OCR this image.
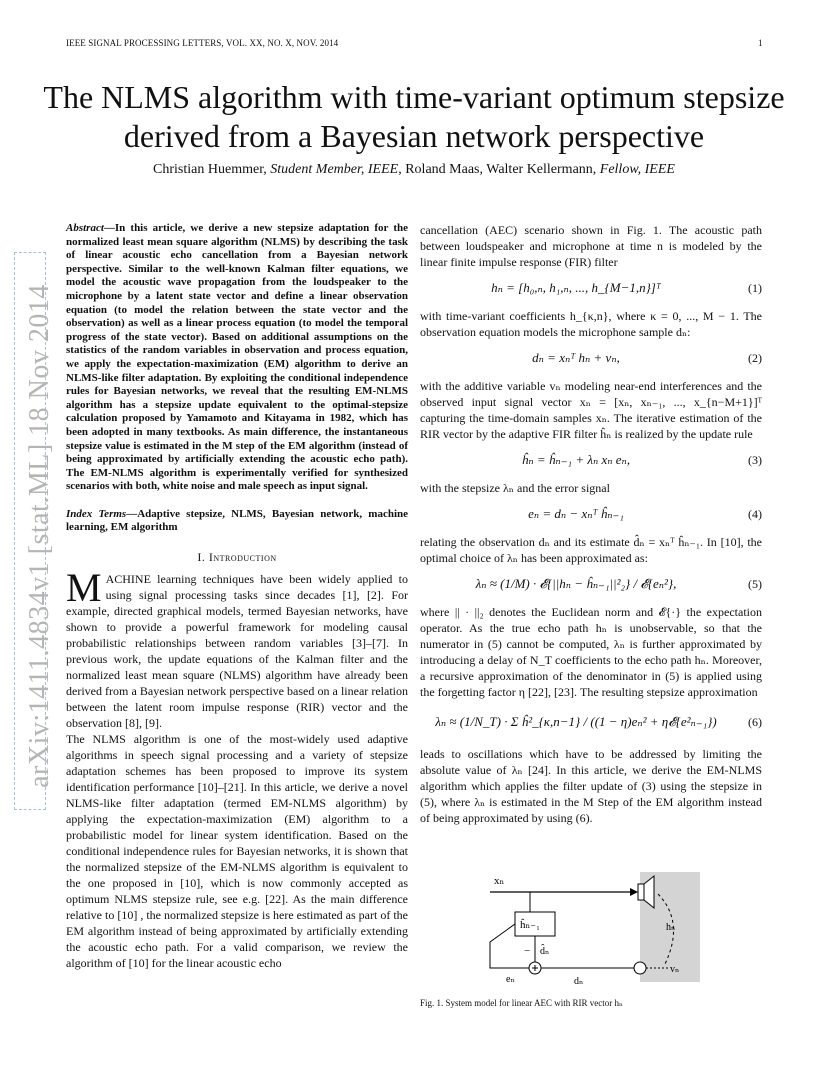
IEEE SIGNAL PROCESSING LETTERS, VOL. XX, NO. X, NOV. 2014	1
arXiv:1411.4834v1 [stat.ML] 18 Nov 2014
The NLMS algorithm with time-variant optimum stepsize derived from a Bayesian network perspective
Christian Huemmer, Student Member, IEEE, Roland Maas, Walter Kellermann, Fellow, IEEE
Abstract—In this article, we derive a new stepsize adaptation for the normalized least mean square algorithm (NLMS) by describing the task of linear acoustic echo cancellation from a Bayesian network perspective. Similar to the well-known Kalman filter equations, we model the acoustic wave propagation from the loudspeaker to the microphone by a latent state vector and define a linear observation equation (to model the relation between the state vector and the observation) as well as a linear process equation (to model the temporal progress of the state vector). Based on additional assumptions on the statistics of the random variables in observation and process equation, we apply the expectation-maximization (EM) algorithm to derive an NLMS-like filter adaptation. By exploiting the conditional independence rules for Bayesian networks, we reveal that the resulting EM-NLMS algorithm has a stepsize update equivalent to the optimal-stepsize calculation proposed by Yamamoto and Kitayama in 1982, which has been adopted in many textbooks. As main difference, the instantaneous stepsize value is estimated in the M step of the EM algorithm (instead of being approximated by artificially extending the acoustic echo path). The EM-NLMS algorithm is experimentally verified for synthesized scenarios with both, white noise and male speech as input signal.
Index Terms—Adaptive stepsize, NLMS, Bayesian network, machine learning, EM algorithm
I. Introduction

MACHINE learning techniques have been widely applied to using signal processing tasks since decades [1], [2]. For example, directed graphical models, termed Bayesian networks, have shown to provide a powerful framework for modeling causal probabilistic relationships between random variables [3]–[7]. In previous work, the update equations of the Kalman filter and the normalized least mean square (NLMS) algorithm have already been derived from a Bayesian network perspective based on a linear relation between the latent room impulse response (RIR) vector and the observation [8], [9].

The NLMS algorithm is one of the most-widely used adaptive algorithms in speech signal processing and a variety of stepsize adaptation schemes has been proposed to improve its system identification performance [10]–[21]. In this article, we derive a novel NLMS-like filter adaptation (termed EM-NLMS algorithm) by applying the expectation-maximization (EM) algorithm to a probabilistic model for linear system identification. Based on the conditional independence rules for Bayesian networks, it is shown that the normalized stepsize of the EM-NLMS algorithm is equivalent to the one proposed in [10], which is now commonly accepted as optimum NLMS stepsize rule, see e.g. [22]. As the main difference relative to [10] , the normalized stepsize is here estimated as part of the EM algorithm instead of being approximated by artificially extending the acoustic echo path. For a valid comparison, we review the algorithm of [10] for the linear acoustic echo

cancellation (AEC) scenario shown in Fig. 1. The acoustic path between loudspeaker and microphone at time n is modeled by the linear finite impulse response (FIR) filter

hₙ = [h₀,ₙ, h₁,ₙ, ..., h_{M−1,n}]ᵀ	(1)

with time-variant coefficients h_{κ,n}, where κ = 0, ..., M − 1. The observation equation models the microphone sample dₙ:

dₙ = xₙᵀ hₙ + vₙ,	(2)

with the additive variable vₙ modeling near-end interferences and the observed input signal vector xₙ = [xₙ, xₙ₋₁, ..., x_{n−M+1}]ᵀ capturing the time-domain samples xₙ. The iterative estimation of the RIR vector by the adaptive FIR filter ĥₙ is realized by the update rule

ĥₙ = ĥₙ₋₁ + λₙ xₙ eₙ,	(3)

with the stepsize λₙ and the error signal

eₙ = dₙ − xₙᵀ ĥₙ₋₁	(4)

relating the observation dₙ and its estimate d̂ₙ = xₙᵀ ĥₙ₋₁. In [10], the optimal choice of λₙ has been approximated as:

λₙ ≈ (1/M) · 𝓔{||hₙ − ĥₙ₋₁||²₂} / 𝓔{eₙ²},	(5)

where || · ||₂ denotes the Euclidean norm and 𝓔{·} the expectation operator. As the true echo path hₙ is unobservable, so that the numerator in (5) cannot be computed, λₙ is further approximated by introducing a delay of N_T coefficients to the echo path hₙ. Moreover, a recursive approximation of the denominator in (5) is applied using the forgetting factor η [22], [23]. The resulting stepsize approximation

λₙ ≈ (1/N_T) · Σ ĥ²_{κ,n−1} / ((1 − η)eₙ² + η𝓔{e²ₙ₋₁})	(6)

leads to oscillations which have to be addressed by limiting the absolute value of λₙ [24]. In this article, we derive the EM-NLMS algorithm which applies the filter update of (3) using the stepsize in (5), where λₙ is estimated in the M Step of the EM algorithm instead of being approximated by using (6).

xₙ
ĥₙ₋₁
d̂ₙ
−
eₙ	dₙ
hₙ
vₙ
Fig. 1. System model for linear AEC with RIR vector hₙ
